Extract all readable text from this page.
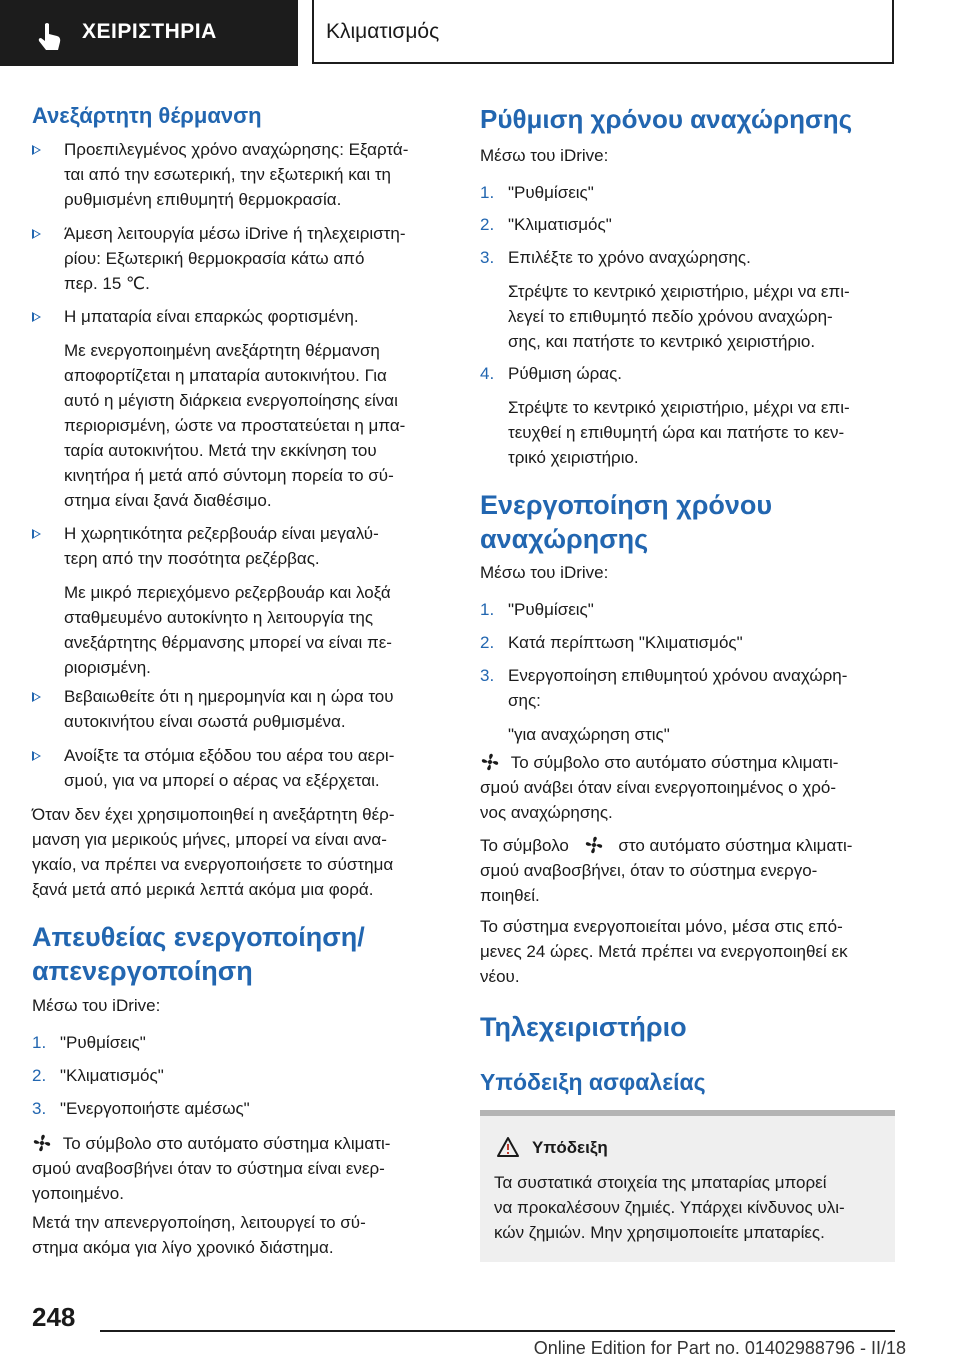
ΧΕΙΡΙΣΤΗΡΙΑ	Κλιματισμός
Ανεξάρτητη θέρμανση
Προεπιλεγμένος χρόνο αναχώρησης: Εξαρτά-
ται από την εσωτερική, την εξωτερική και τη
ρυθμισμένη επιθυμητή θερμοκρασία.
Άμεση λειτουργία μέσω iDrive ή τηλεχειριστη-
ρίου: Εξωτερική θερμοκρασία κάτω από
περ. 15 ℃.
Η μπαταρία είναι επαρκώς φορτισμένη.
Με ενεργοποιημένη ανεξάρτητη θέρμανση
αποφορτίζεται η μπαταρία αυτοκινήτου. Για
αυτό η μέγιστη διάρκεια ενεργοποίησης είναι
περιορισμένη, ώστε να προστατεύεται η μπα-
ταρία αυτοκινήτου. Μετά την εκκίνηση του
κινητήρα ή μετά από σύντομη πορεία το σύ-
στημα είναι ξανά διαθέσιμο.
Η χωρητικότητα ρεζερβουάρ είναι μεγαλύ-
τερη από την ποσότητα ρεζέρβας.
Με μικρό περιεχόμενο ρεζερβουάρ και λοξά
σταθμευμένο αυτοκίνητο η λειτουργία της
ανεξάρτητης θέρμανσης μπορεί να είναι πε-
ριορισμένη.
Βεβαιωθείτε ότι η ημερομηνία και η ώρα του
αυτοκινήτου είναι σωστά ρυθμισμένα.
Ανοίξτε τα στόμια εξόδου του αέρα του αερι-
σμού, για να μπορεί ο αέρας να εξέρχεται.
Όταν δεν έχει χρησιμοποιηθεί η ανεξάρτητη θέρ-
μανση για μερικούς μήνες, μπορεί να είναι ανα-
γκαίο, να πρέπει να ενεργοποιήσετε το σύστημα
ξανά μετά από μερικά λεπτά ακόμα μια φορά.
Απευθείας ενεργοποίηση/
απενεργοποίηση
Μέσω του iDrive:
1. "Ρυθμίσεις"
2. "Κλιματισμός"
3. "Ενεργοποιήστε αμέσως"
Το σύμβολο στο αυτόματο σύστημα κλιματι-
σμού αναβοσβήνει όταν το σύστημα είναι ενερ-
γοποιημένο.
Μετά την απενεργοποίηση, λειτουργεί το σύ-
στημα ακόμα για λίγο χρονικό διάστημα.
Ρύθμιση χρόνου αναχώρησης
Μέσω του iDrive:
1. "Ρυθμίσεις"
2. "Κλιματισμός"
3. Επιλέξτε το χρόνο αναχώρησης.
Στρέψτε το κεντρικό χειριστήριο, μέχρι να επι-
λεγεί το επιθυμητό πεδίο χρόνου αναχώρη-
σης, και πατήστε το κεντρικό χειριστήριο.
4. Ρύθμιση ώρας.
Στρέψτε το κεντρικό χειριστήριο, μέχρι να επι-
τευχθεί η επιθυμητή ώρα και πατήστε το κεν-
τρικό χειριστήριο.
Ενεργοποίηση χρόνου
αναχώρησης
Μέσω του iDrive:
1. "Ρυθμίσεις"
2. Κατά περίπτωση "Κλιματισμός"
3. Ενεργοποίηση επιθυμητού χρόνου αναχώρη-
σης:
"για αναχώρηση στις"
Το σύμβολο στο αυτόματο σύστημα κλιματι-
σμού ανάβει όταν είναι ενεργοποιημένος ο χρό-
νος αναχώρησης.
Το σύμβολο	στο αυτόματο σύστημα κλιματι-
σμού αναβοσβήνει, όταν το σύστημα ενεργο-
ποιηθεί.
Το σύστημα ενεργοποιείται μόνο, μέσα στις επό-
μενες 24 ώρες. Μετά πρέπει να ενεργοποιηθεί εκ
νέου.
Τηλεχειριστήριο
Υπόδειξη ασφαλείας
Υπόδειξη
Τα συστατικά στοιχεία της μπαταρίας μπορεί
να προκαλέσουν ζημιές. Υπάρχει κίνδυνος υλι-
κών ζημιών. Μην χρησιμοποιείτε μπαταρίες.
248
Online Edition for Part no. 01402988796 - II/18
